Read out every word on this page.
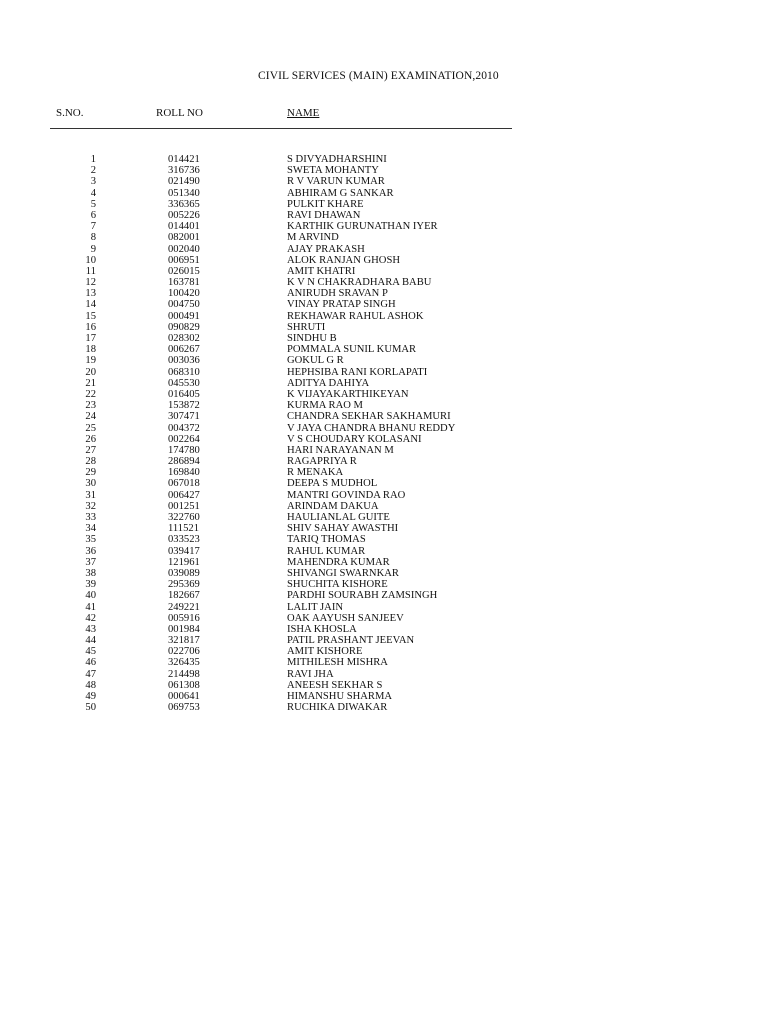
CIVIL SERVICES (MAIN) EXAMINATION,2010
S.NO.	ROLL NO	NAME
1	014421	S DIVYADHARSHINI
2	316736	SWETA MOHANTY
3	021490	R V VARUN KUMAR
4	051340	ABHIRAM G SANKAR
5	336365	PULKIT KHARE
6	005226	RAVI DHAWAN
7	014401	KARTHIK GURUNATHAN IYER
8	082001	M ARVIND
9	002040	AJAY PRAKASH
10	006951	ALOK RANJAN GHOSH
11	026015	AMIT KHATRI
12	163781	K V N CHAKRADHARA BABU
13	100420	ANIRUDH SRAVAN P
14	004750	VINAY PRATAP SINGH
15	000491	REKHAWAR RAHUL ASHOK
16	090829	SHRUTI
17	028302	SINDHU B
18	006267	POMMALA SUNIL KUMAR
19	003036	GOKUL G R
20	068310	HEPHSIBA RANI KORLAPATI
21	045530	ADITYA DAHIYA
22	016405	K VIJAYAKARTHIKEYAN
23	153872	KURMA RAO M
24	307471	CHANDRA SEKHAR SAKHAMURI
25	004372	V JAYA CHANDRA BHANU REDDY
26	002264	V S CHOUDARY KOLASANI
27	174780	HARI NARAYANAN M
28	286894	RAGAPRIYA R
29	169840	R MENAKA
30	067018	DEEPA S MUDHOL
31	006427	MANTRI GOVINDA RAO
32	001251	ARINDAM DAKUA
33	322760	HAULIANLAL GUITE
34	111521	SHIV SAHAY AWASTHI
35	033523	TARIQ THOMAS
36	039417	RAHUL KUMAR
37	121961	MAHENDRA KUMAR
38	039089	SHIVANGI SWARNKAR
39	295369	SHUCHITA KISHORE
40	182667	PARDHI SOURABH ZAMSINGH
41	249221	LALIT JAIN
42	005916	OAK AAYUSH SANJEEV
43	001984	ISHA KHOSLA
44	321817	PATIL PRASHANT JEEVAN
45	022706	AMIT KISHORE
46	326435	MITHILESH MISHRA
47	214498	RAVI JHA
48	061308	ANEESH SEKHAR S
49	000641	HIMANSHU SHARMA
50	069753	RUCHIKA DIWAKAR
